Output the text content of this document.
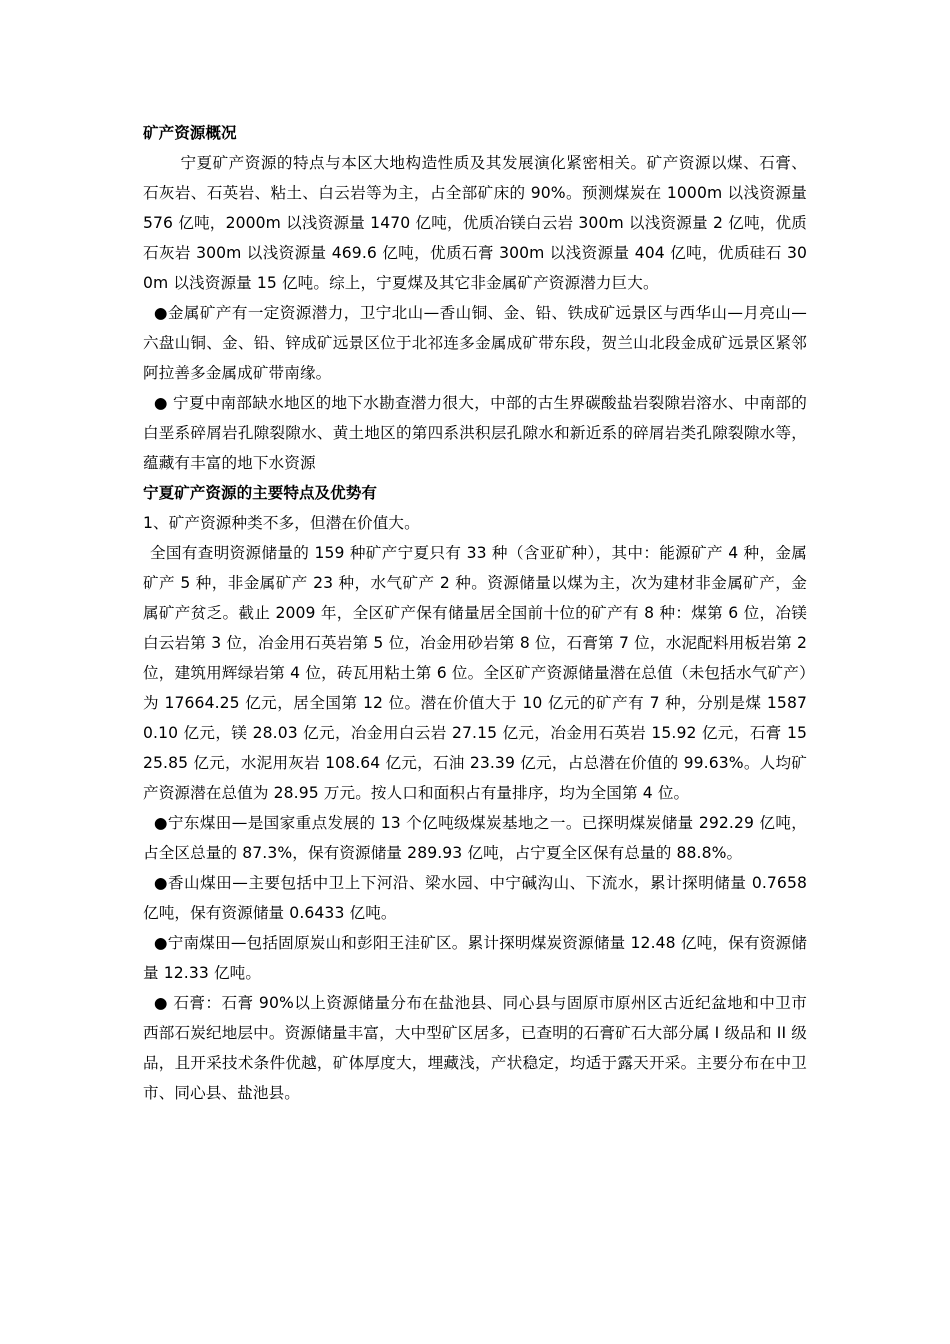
矿产资源概况

宁夏矿产资源的特点与本区大地构造性质及其发展演化紧密相关。矿产资源以煤、石膏、石灰岩、石英岩、粘土、白云岩等为主，占全部矿床的 90%。预测煤炭在 1000m 以浅资源量 576 亿吨，2000m 以浅资源量 1470 亿吨，优质冶镁白云岩 300m 以浅资源量 2 亿吨，优质石灰岩 300m 以浅资源量 469.6 亿吨，优质石膏 300m 以浅资源量 404 亿吨，优质硅石 300m 以浅资源量 15 亿吨。综上，宁夏煤及其它非金属矿产资源潜力巨大。

●金属矿产有一定资源潜力，卫宁北山—香山铜、金、铅、铁成矿远景区与西华山—月亮山—六盘山铜、金、铅、锌成矿远景区位于北祁连多金属成矿带东段，贺兰山北段金成矿远景区紧邻阿拉善多金属成矿带南缘。

● 宁夏中南部缺水地区的地下水勘查潜力很大，中部的古生界碳酸盐岩裂隙岩溶水、中南部的白垩系碎屑岩孔隙裂隙水、黄土地区的第四系洪积层孔隙水和新近系的碎屑岩类孔隙裂隙水等，蕴藏有丰富的地下水资源

宁夏矿产资源的主要特点及优势有

1、矿产资源种类不多，但潜在价值大。

全国有查明资源储量的 159 种矿产宁夏只有 33 种（含亚矿种），其中：能源矿产 4 种，金属矿产 5 种，非金属矿产 23 种，水气矿产 2 种。资源储量以煤为主，次为建材非金属矿产，金属矿产贫乏。截止 2009 年，全区矿产保有储量居全国前十位的矿产有 8 种：煤第 6 位，冶镁白云岩第 3 位，冶金用石英岩第 5 位，冶金用砂岩第 8 位，石膏第 7 位，水泥配料用板岩第 2 位，建筑用辉绿岩第 4 位，砖瓦用粘土第 6 位。全区矿产资源储量潜在总值（未包括水气矿产）为 17664.25 亿元，居全国第 12 位。潜在价值大于 10 亿元的矿产有 7 种，分别是煤 15870.10 亿元，镁 28.03 亿元，冶金用白云岩 27.15 亿元，冶金用石英岩 15.92 亿元，石膏 1525.85 亿元，水泥用灰岩 108.64 亿元，石油 23.39 亿元，占总潜在价值的 99.63%。人均矿产资源潜在总值为 28.95 万元。按人口和面积占有量排序，均为全国第 4 位。

●宁东煤田—是国家重点发展的 13 个亿吨级煤炭基地之一。已探明煤炭储量 292.29 亿吨，占全区总量的 87.3%，保有资源储量 289.93 亿吨，占宁夏全区保有总量的 88.8%。

●香山煤田—主要包括中卫上下河沿、梁水园、中宁碱沟山、下流水，累计探明储量 0.7658 亿吨，保有资源储量 0.6433 亿吨。

●宁南煤田—包括固原炭山和彭阳王洼矿区。累计探明煤炭资源储量 12.48 亿吨，保有资源储量 12.33 亿吨。

● 石膏：石膏 90%以上资源储量分布在盐池县、同心县与固原市原州区古近纪盆地和中卫市西部石炭纪地层中。资源储量丰富，大中型矿区居多，已查明的石膏矿石大部分属 I 级品和 II 级品，且开采技术条件优越，矿体厚度大，埋藏浅，产状稳定，均适于露天开采。主要分布在中卫市、同心县、盐池县。
